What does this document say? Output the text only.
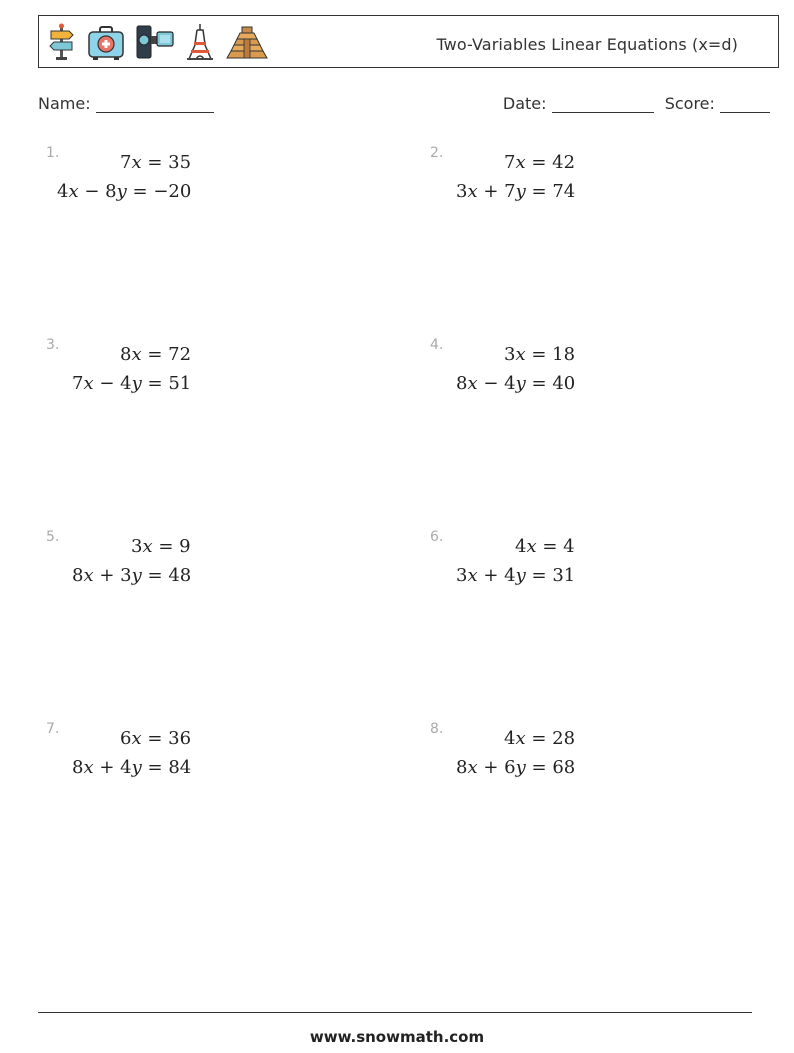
Two-Variables Linear Equations (x=d)
Name:	Date:	Score:
1.	7x = 35
4x − 8y = −20
2.	7x = 42
3x + 7y = 74
3.	8x = 72
7x − 4y = 51
4.	3x = 18
8x − 4y = 40
5.	3x = 9
8x + 3y = 48
6.	4x = 4
3x + 4y = 31
7.	6x = 36
8x + 4y = 84
8.	4x = 28
8x + 6y = 68
www.snowmath.com
